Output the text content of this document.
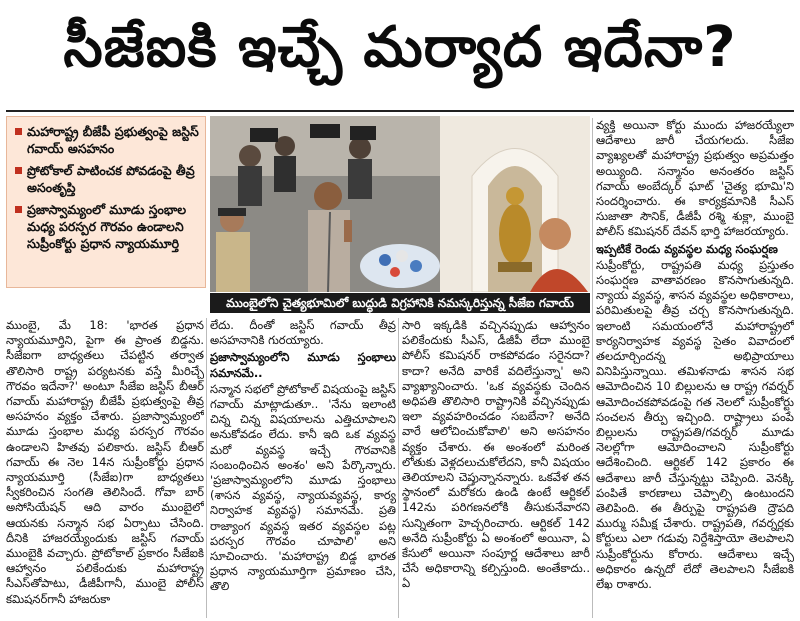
సీజేఐకి ఇచ్చే మర్యాద ఇదేనా?
మహారాష్ట్ర బీజేపీ ప్రభుత్వంపై జస్టిస్ గవాయ్ అసహనం
ప్రోటోకాల్ పాటించక పోవడంపై తీవ్ర అసంతృప్తి
ప్రజాస్వామ్యంలో మూడు స్తంభాల మధ్య పరస్పర గౌరవం ఉండాలని సుప్రీంకోర్టు ప్రధాన న్యాయమూర్తి
ముంబైలోని చైత్యభూమిలో బుద్ధుడి విగ్రహానికి నమస్కరిస్తున్న సీజేఐ గవాయ్

ముంబై, మే 18: 'భారత ప్రధాన న్యాయమూర్తిని, పైగా ఈ ప్రాంత బిడ్డను. సీజేఐగా బాధ్యతలు చేపట్టిన తర్వాత తొలిసారి రాష్ట్ర పర్యటనకు వస్తే మీరిచ్చే గౌరవం ఇదేనా?' అంటూ సీజేఐ జస్టిస్ బీఆర్ గవాయ్ మహారాష్ట్ర బీజేపీ ప్రభుత్వంపై తీవ్ర అసహనం వ్యక్తం చేశారు. ప్రజాస్వామ్యంలో మూడు స్తంభాల మధ్య పరస్పర గౌరవం ఉండాలని హితవు పలికారు. జస్టిస్ బీఆర్ గవాయ్ ఈ నెల 14న సుప్రీంకోర్టు ప్రధాన న్యాయమూర్తి (సీజేఐ)గా బాధ్యతలు స్వీకరించిన సంగతి తెలిసిందే. గోవా బార్ అసోసియేషన్ ఆది వారం ముంబైలో ఆయనకు సన్మాన సభ ఏర్పాటు చేసింది. దీనికి హాజరయ్యేందుకు జస్టిస్ గవాయ్ ముంబైకి వచ్చారు. ప్రోటోకాల్ ప్రకారం సీజేఐకి ఆహ్వానం పలికేందుకు మహారాష్ట్ర సీఎస్‌తోపాటు, డీజీపీగానీ, ముంబై పోలీస్ కమిషనర్‌గానీ హాజరుకా

లేదు. దీంతో జస్టిస్ గవాయ్ తీవ్ర అసహనానికి గురయ్యారు.

ప్రజాస్వామ్యంలోని మూడు స్తంభాలు సమానమే..

సన్మాన సభలో ప్రోటోకాల్ విషయంపై జస్టిస్ గవాయ్ మాట్లాడుతూ.. 'నేను ఇలాంటి చిన్న చిన్న విషయాలను ఎత్తిచూపాలని అనుకోవడం లేదు. కానీ ఇది ఒక వ్యవస్థ మరో వ్యవస్థ ఇచ్చే గౌరవానికి సంబంధించిన అంశం' అని పేర్కొన్నారు. 'ప్రజాస్వామ్యంలోని మూడు స్తంభాలు (శాసన వ్యవస్థ, న్యాయవ్యవస్థ, కార్య నిర్వాహక వ్యవస్థ) సమానమే. ప్రతి రాజ్యాంగ వ్యవస్థ ఇతర వ్యవస్థల పట్ల పరస్పర గౌరవం చూపాలి' అని సూచించారు. 'మహారాష్ట్ర బిడ్డ భారత ప్రధాన న్యాయమూర్తిగా ప్రమాణం చేసి, తొలి

సారి ఇక్కడికి వచ్చినప్పుడు ఆహ్వానం పలికేందుకు సీఎస్, డీజీపీ లేదా ముంబై పోలీస్ కమిషనర్ రాకపోవడం సరైనదా? కాదా? అనేది వారికే వదిలేస్తున్నా' అని వ్యాఖ్యానించారు. 'ఒక వ్యవస్థకు చెందిన అధిపతి తొలిసారి రాష్ట్రానికి వచ్చినప్పుడు ఇలా వ్యవహరించడం సబబేనా? అనేది వారే ఆలోచించుకోవాలి' అని అసహనం వ్యక్తం చేశారు. ఈ అంశంలో మరింత లోతుకు వెళ్లదలుచుకోలేదని, కానీ విషయం తెలియాలని చెప్తున్నానన్నారు. ఒకవేళ తన స్థానంలో మరోకరు ఉండి ఉంటే ఆర్టికల్ 142ను పరిగణనలోకి తీసుకునేవారని సున్నితంగా హెచ్చరించారు. ఆర్టికల్ 142 అనేది సుప్రీంకోర్టు ఏ అంశంలో అయినా, ఏ కేసులో అయినా సంపూర్ణ ఆదేశాలు జారీ చేసే అధికారాన్ని కల్పిస్తుంది. అంతేకాదు.. ఏ

వ్యక్తి అయినా కోర్టు ముందు హాజరయ్యేలా ఆదేశాలు జారీ చేయగలదు. సీజేఐ వ్యాఖ్యలతో మహారాష్ట్ర ప్రభుత్వం అప్రమత్తం అయ్యింది. సన్మానం అనంతరం జస్టిస్ గవాయ్ అంబేద్కర్ ఘాట్ 'చైత్య భూమి'ని సందర్శించారు. ఈ కార్యక్రమానికి సీఎస్ సుజాతా సౌనిక్, డీజీపీ రశ్మి శుక్లా, ముంబై పోలీస్ కమిషనర్ దేవన్ భార్తి హాజరయ్యారు.

ఇప్పటికే రెండు వ్యవస్థల మధ్య సంఘర్షణ

సుప్రీంకోర్టు, రాష్ట్రపతి మధ్య ప్రస్తుతం సంఘర్షణ వాతావరణం కొనసాగుతున్నది. న్యాయ వ్యవస్థ, శాసన వ్యవస్థల అధికారాలు, పరిమితులపై తీవ్ర చర్చ కొనసాగుతున్నది. ఇలాంటి సమయంలోనే మహారాష్ట్రలో కార్యనిర్వాహక వ్యవస్థ సైతం వివాదంలో తలదూర్చిందన్న అభిప్రాయాలు వినిపిస్తున్నాయి. తమిళనాడు శాసన సభ ఆమోదించిన 10 బిల్లులను ఆ రాష్ట్ర గవర్నర్ ఆమోదించకపోవడంపై గత నెలలో సుప్రీంకోర్టు సంచలన తీర్పు ఇచ్చింది. రాష్ట్రాలు పంపే బిల్లులను రాష్ట్రపతి/గవర్నర్ మూడు నెలల్లోగా ఆమోదించాలని సుప్రీంకోర్టు ఆదేశించింది. ఆర్టికల్ 142 ప్రకారం ఈ ఆదేశాలు జారీ చేస్తున్నట్టు చెప్పింది. వెనక్కి పంపితే కారణాలు చెప్పాల్సి ఉంటుందని తెలిపింది. ఈ తీర్పుపై రాష్ట్రపతి ద్రౌపది ముర్ము సమీక్ష చేశారు. రాష్ట్రపతి, గవర్నర్లకు కోర్టులు ఎలా గడువు నిర్దేశిస్తాయో తెలపాలని సుప్రీంకోర్టును కోరారు. ఆదేశాలు ఇచ్చే అధికారం ఉన్నదో లేదో తెలపాలని సీజేఐకి లేఖ రాశారు.
